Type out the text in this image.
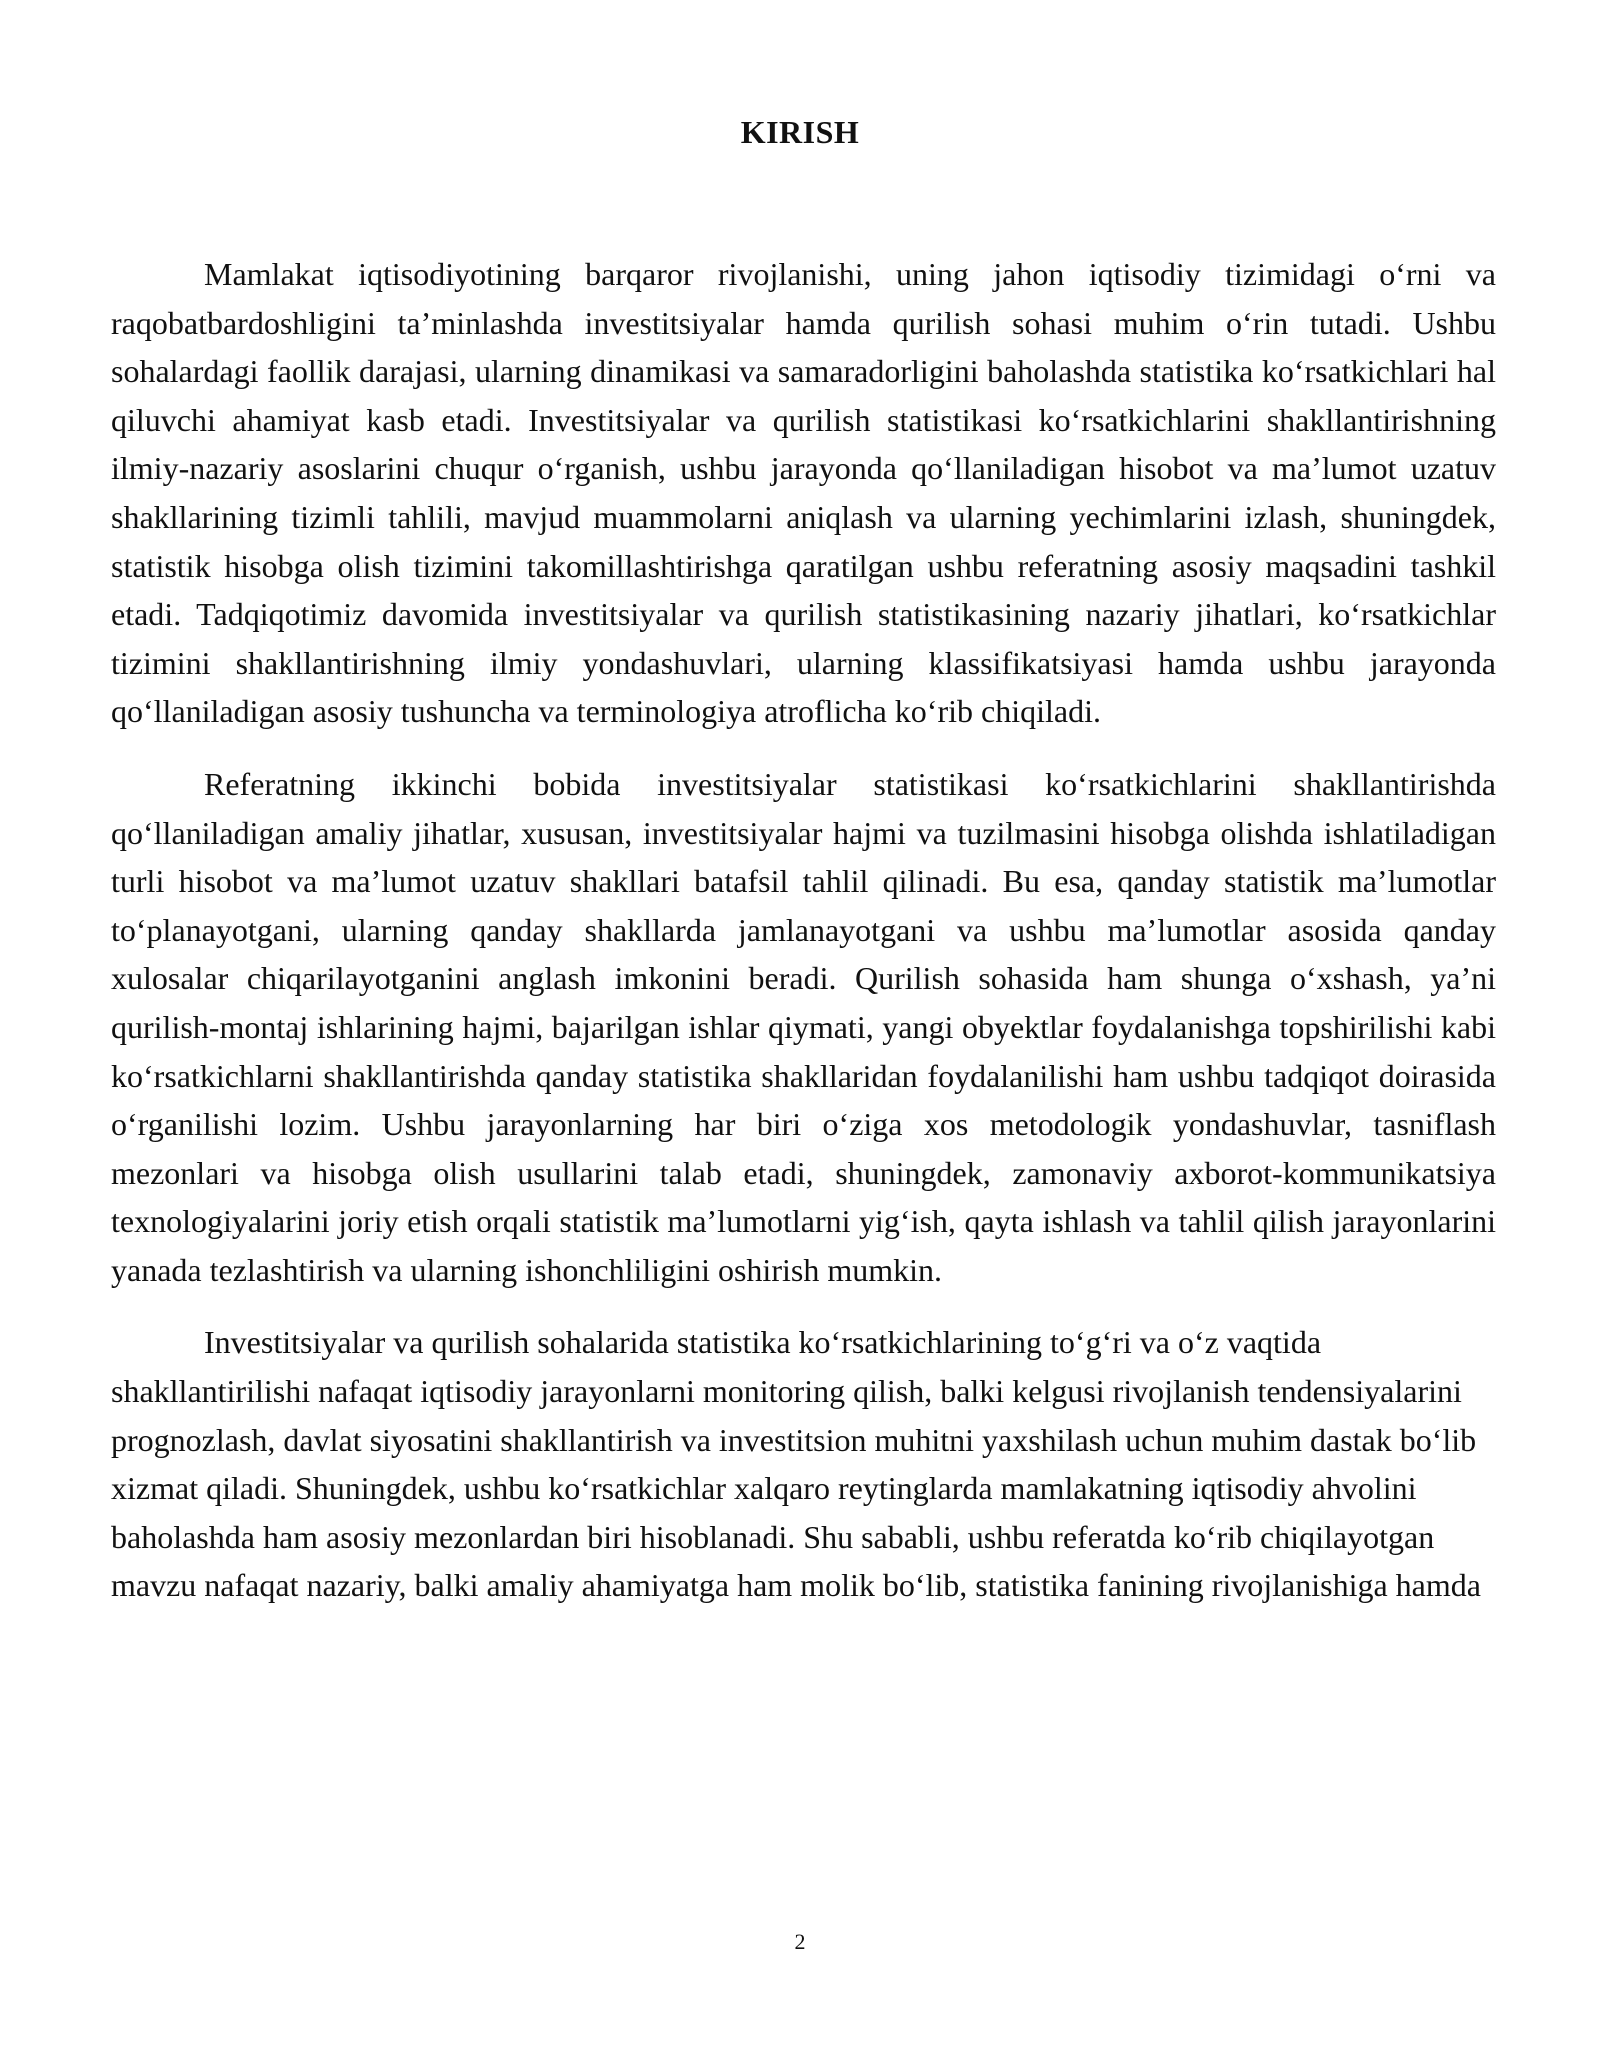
KIRISH

Mamlakat iqtisodiyotining barqaror rivojlanishi, uning jahon iqtisodiy tizimidagi o‘rni va raqobatbardoshligini ta’minlashda investitsiyalar hamda qurilish sohasi muhim o‘rin tutadi. Ushbu sohalardagi faollik darajasi, ularning dinamikasi va samaradorligini baholashda statistika ko‘rsatkichlari hal qiluvchi ahamiyat kasb etadi. Investitsiyalar va qurilish statistikasi ko‘rsatkichlarini shakllantirishning ilmiy-nazariy asoslarini chuqur o‘rganish, ushbu jarayonda qo‘llaniladigan hisobot va ma’lumot uzatuv shakllarining tizimli tahlili, mavjud muammolarni aniqlash va ularning yechimlarini izlash, shuningdek, statistik hisobga olish tizimini takomillashtirishga qaratilgan ushbu referatning asosiy maqsadini tashkil etadi. Tadqiqotimiz davomida investitsiyalar va qurilish statistikasining nazariy jihatlari, ko‘rsatkichlar tizimini shakllantirishning ilmiy yondashuvlari, ularning klassifikatsiyasi hamda ushbu jarayonda qo‘llaniladigan asosiy tushuncha va terminologiya atroflicha ko‘rib chiqiladi.

Referatning ikkinchi bobida investitsiyalar statistikasi ko‘rsatkichlarini shakllantirishda qo‘llaniladigan amaliy jihatlar, xususan, investitsiyalar hajmi va tuzilmasini hisobga olishda ishlatiladigan turli hisobot va ma’lumot uzatuv shakllari batafsil tahlil qilinadi. Bu esa, qanday statistik ma’lumotlar to‘planayotgani, ularning qanday shakllarda jamlanayotgani va ushbu ma’lumotlar asosida qanday xulosalar chiqarilayotganini anglash imkonini beradi. Qurilish sohasida ham shunga o‘xshash, ya’ni qurilish-montaj ishlarining hajmi, bajarilgan ishlar qiymati, yangi obyektlar foydalanishga topshirilishi kabi ko‘rsatkichlarni shakllantirishda qanday statistika shakllaridan foydalanilishi ham ushbu tadqiqot doirasida o‘rganilishi lozim. Ushbu jarayonlarning har biri o‘ziga xos metodologik yondashuvlar, tasniflash mezonlari va hisobga olish usullarini talab etadi, shuningdek, zamonaviy axborot-kommunikatsiya texnologiyalarini joriy etish orqali statistik ma’lumotlarni yig‘ish, qayta ishlash va tahlil qilish jarayonlarini yanada tezlashtirish va ularning ishonchliligini oshirish mumkin.

Investitsiyalar va qurilish sohalarida statistika ko‘rsatkichlarining to‘g‘ri va o‘z vaqtida shakllantirilishi nafaqat iqtisodiy jarayonlarni monitoring qilish, balki kelgusi rivojlanish tendensiyalarini prognozlash, davlat siyosatini shakllantirish va investitsion muhitni yaxshilash uchun muhim dastak bo‘lib xizmat qiladi. Shuningdek, ushbu ko‘rsatkichlar xalqaro reytinglarda mamlakatning iqtisodiy ahvolini baholashda ham asosiy mezonlardan biri hisoblanadi. Shu sababli, ushbu referatda ko‘rib chiqilayotgan mavzu nafaqat nazariy, balki amaliy ahamiyatga ham molik bo‘lib, statistika fanining rivojlanishiga hamda

2
